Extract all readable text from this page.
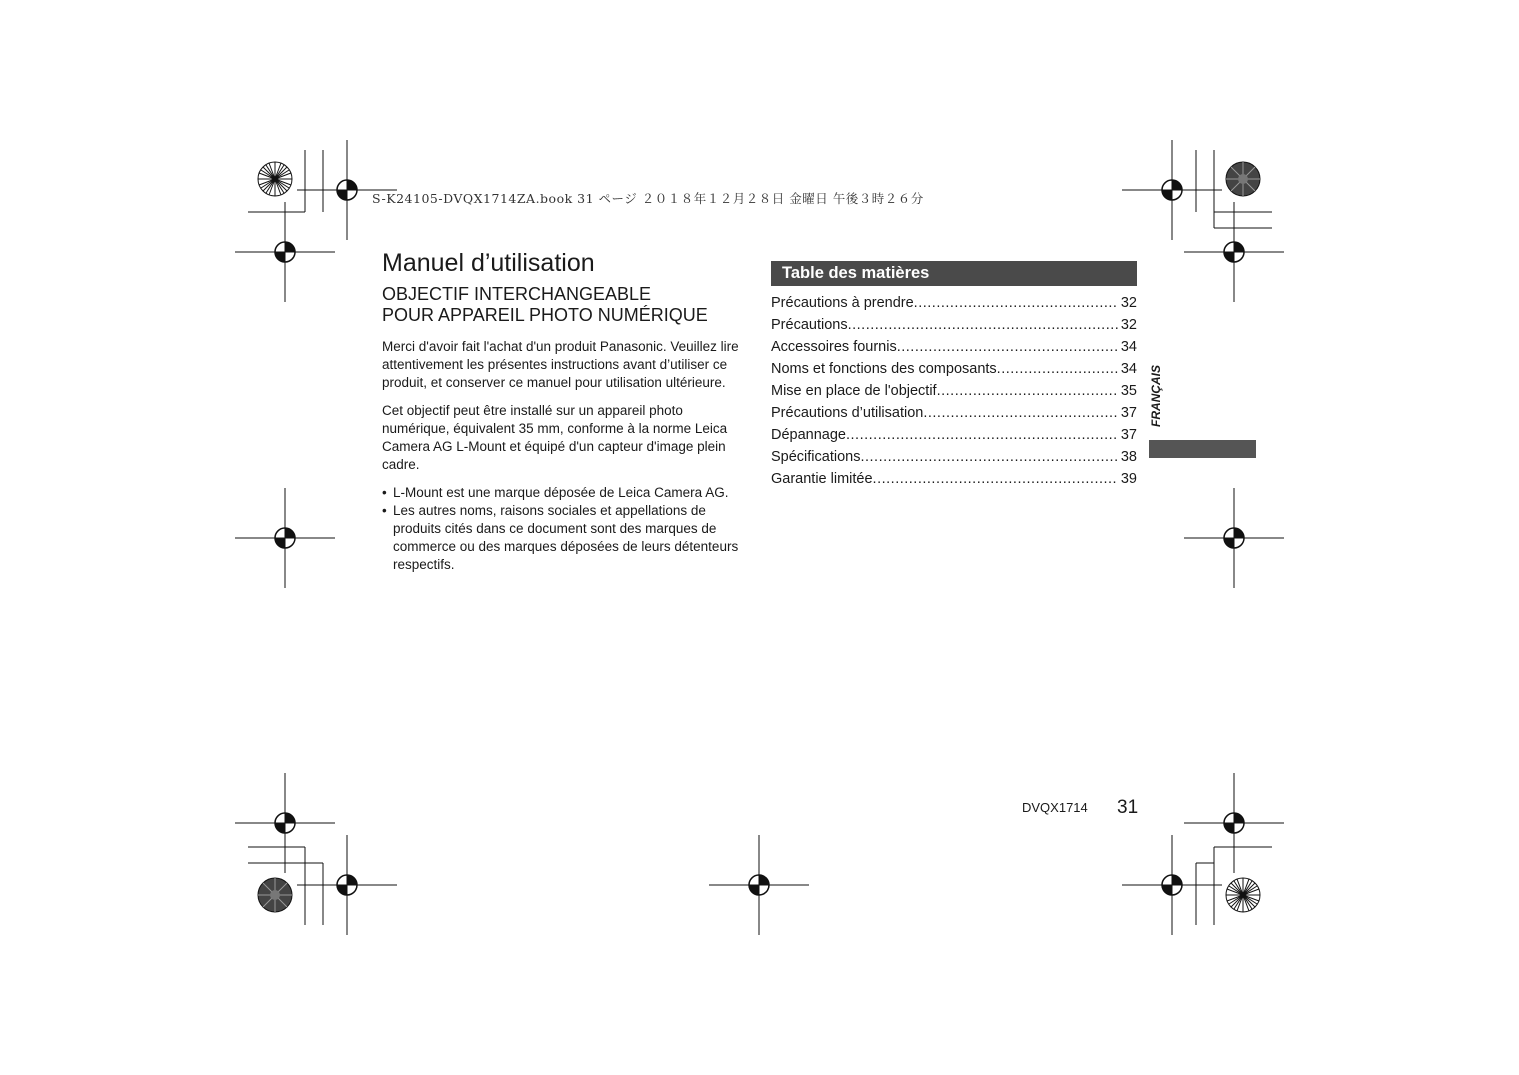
S-K24105-DVQX1714ZA.book 31 ページ ２０１８年１２月２８日 金曜日 午後３時２６分
Manuel d’utilisation
OBJECTIF INTERCHANGEABLE
POUR APPAREIL PHOTO NUMÉRIQUE

Merci d'avoir fait l'achat d'un produit Panasonic. Veuillez lire attentivement les présentes instructions avant d’utiliser ce produit, et conserver ce manuel pour utilisation ultérieure.

Cet objectif peut être installé sur un appareil photo numérique, équivalent 35 mm, conforme à la norme Leica Camera AG L-Mount et équipé d'un capteur d'image plein cadre.

• L-Mount est une marque déposée de Leica Camera AG.
• Les autres noms, raisons sociales et appellations de produits cités dans ce document sont des marques de commerce ou des marques déposées de leurs détenteurs respectifs.
Table des matières
Précautions à prendre .....	32
Précautions .....	32
Accessoires fournis .....	34
Noms et fonctions des composants .....	34
Mise en place de l'objectif .....	35
Précautions d’utilisation .....	37
Dépannage .....	37
Spécifications .....	38
Garantie limitée .....	39
FRANÇAIS
DVQX1714 31
